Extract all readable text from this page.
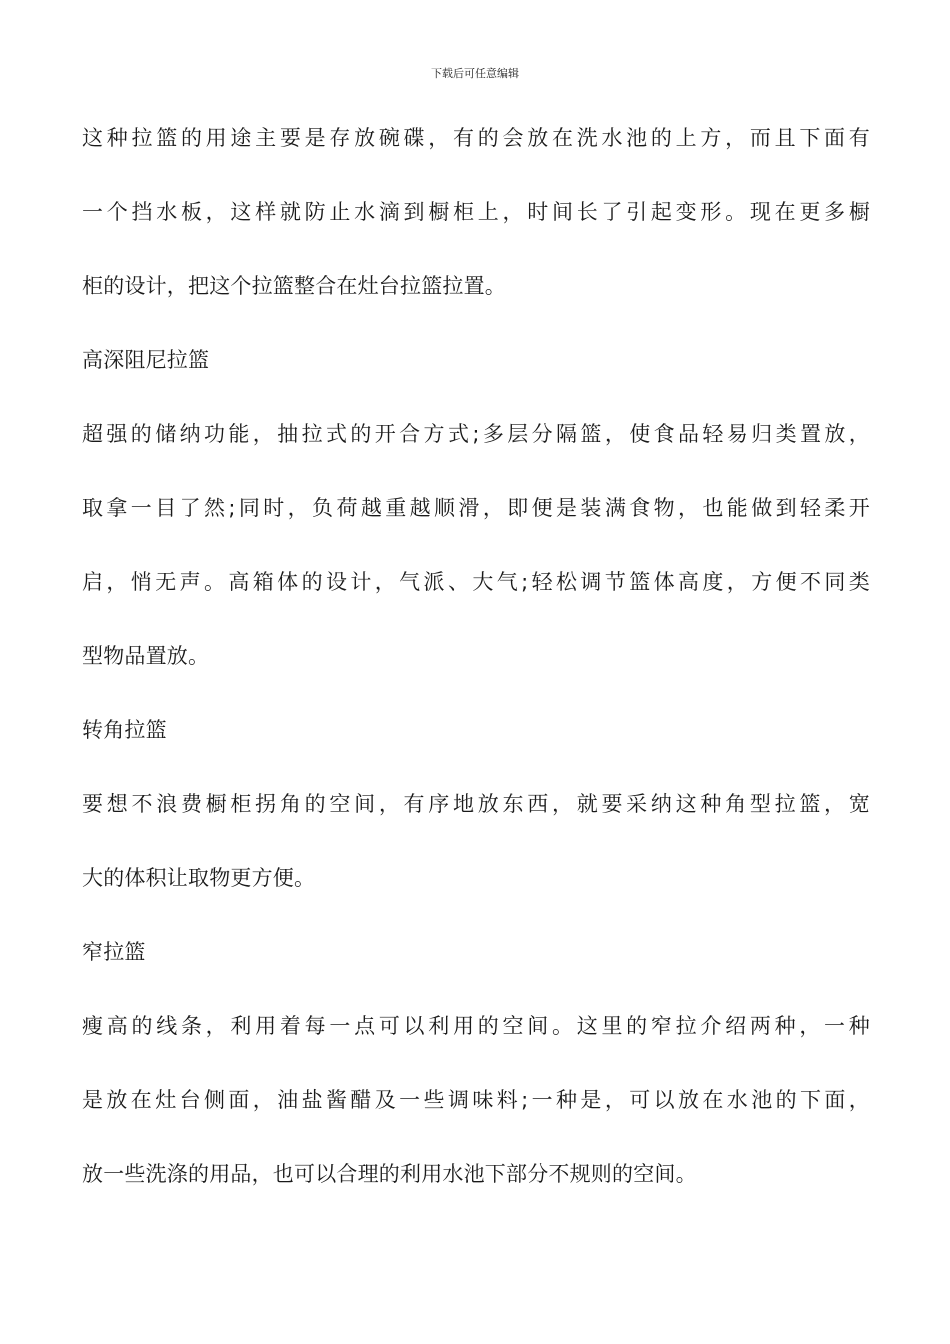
下载后可任意编辑
这种拉篮的用途主要是存放碗碟，有的会放在洗水池的上方，而且下面有
一个挡水板，这样就防止水滴到橱柜上，时间长了引起变形。现在更多橱
柜的设计，把这个拉篮整合在灶台拉篮拉置。
高深阻尼拉篮
超强的储纳功能，抽拉式的开合方式;多层分隔篮，使食品轻易归类置放，
取拿一目了然;同时，负荷越重越顺滑，即便是装满食物，也能做到轻柔开
启，悄无声。高箱体的设计，气派、大气;轻松调节篮体高度，方便不同类
型物品置放。
转角拉篮
要想不浪费橱柜拐角的空间，有序地放东西，就要采纳这种角型拉篮，宽
大的体积让取物更方便。
窄拉篮
瘦高的线条，利用着每一点可以利用的空间。这里的窄拉介绍两种，一种
是放在灶台侧面，油盐酱醋及一些调味料;一种是，可以放在水池的下面，
放一些洗涤的用品，也可以合理的利用水池下部分不规则的空间。
